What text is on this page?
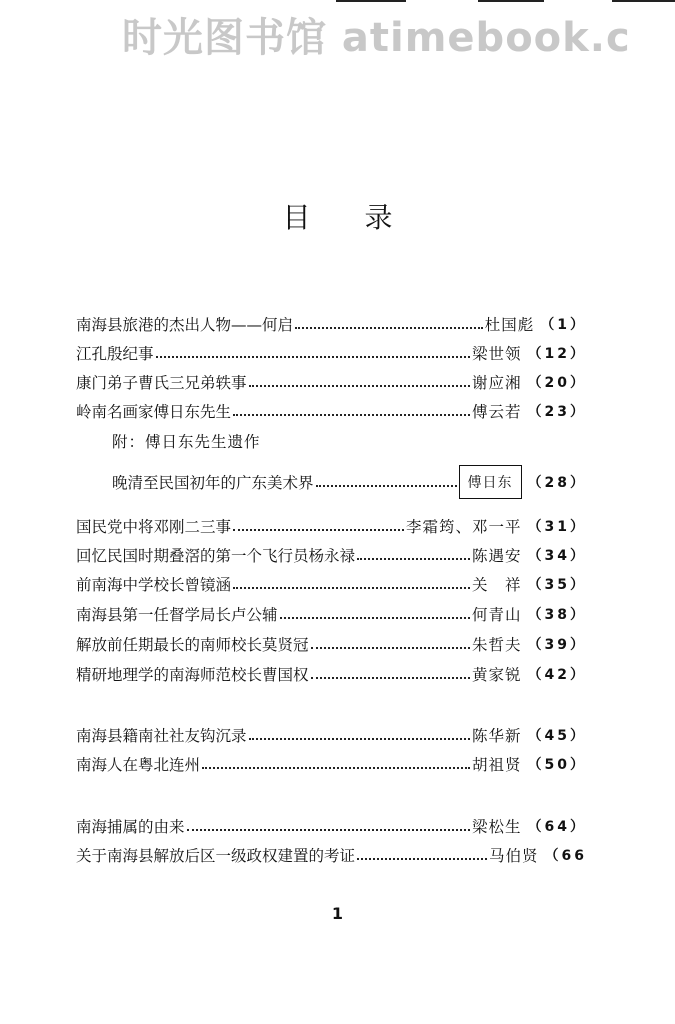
时光图书馆 atimebook.c
目录
南海县旅港的杰出人物——何启	杜国彪 （1）
江孔殷纪事	梁世领 （12）
康门弟子曹氏三兄弟轶事	谢应湘 （20）
岭南名画家傅日东先生	傅云若 （23）
附：傅日东先生遗作
晚清至民国初年的广东美术界	傅日东	（28）
国民党中将邓刚二三事	李霜筠、邓一平 （31）
回忆民国时期叠滘的第一个飞行员杨永禄	陈遇安 （34）
前南海中学校长曾镜涵	关　祥 （35）
南海县第一任督学局长卢公辅	何青山 （38）
解放前任期最长的南师校长莫贤冠	朱哲夫 （39）
精研地理学的南海师范校长曹国权	黄家锐 （42）
南海县籍南社社友钩沉录	陈华新 （45）
南海人在粤北连州	胡祖贤 （50）
南海捕属的由来	梁松生 （64）
关于南海县解放后区一级政权建置的考证	马伯贤 （66
1
